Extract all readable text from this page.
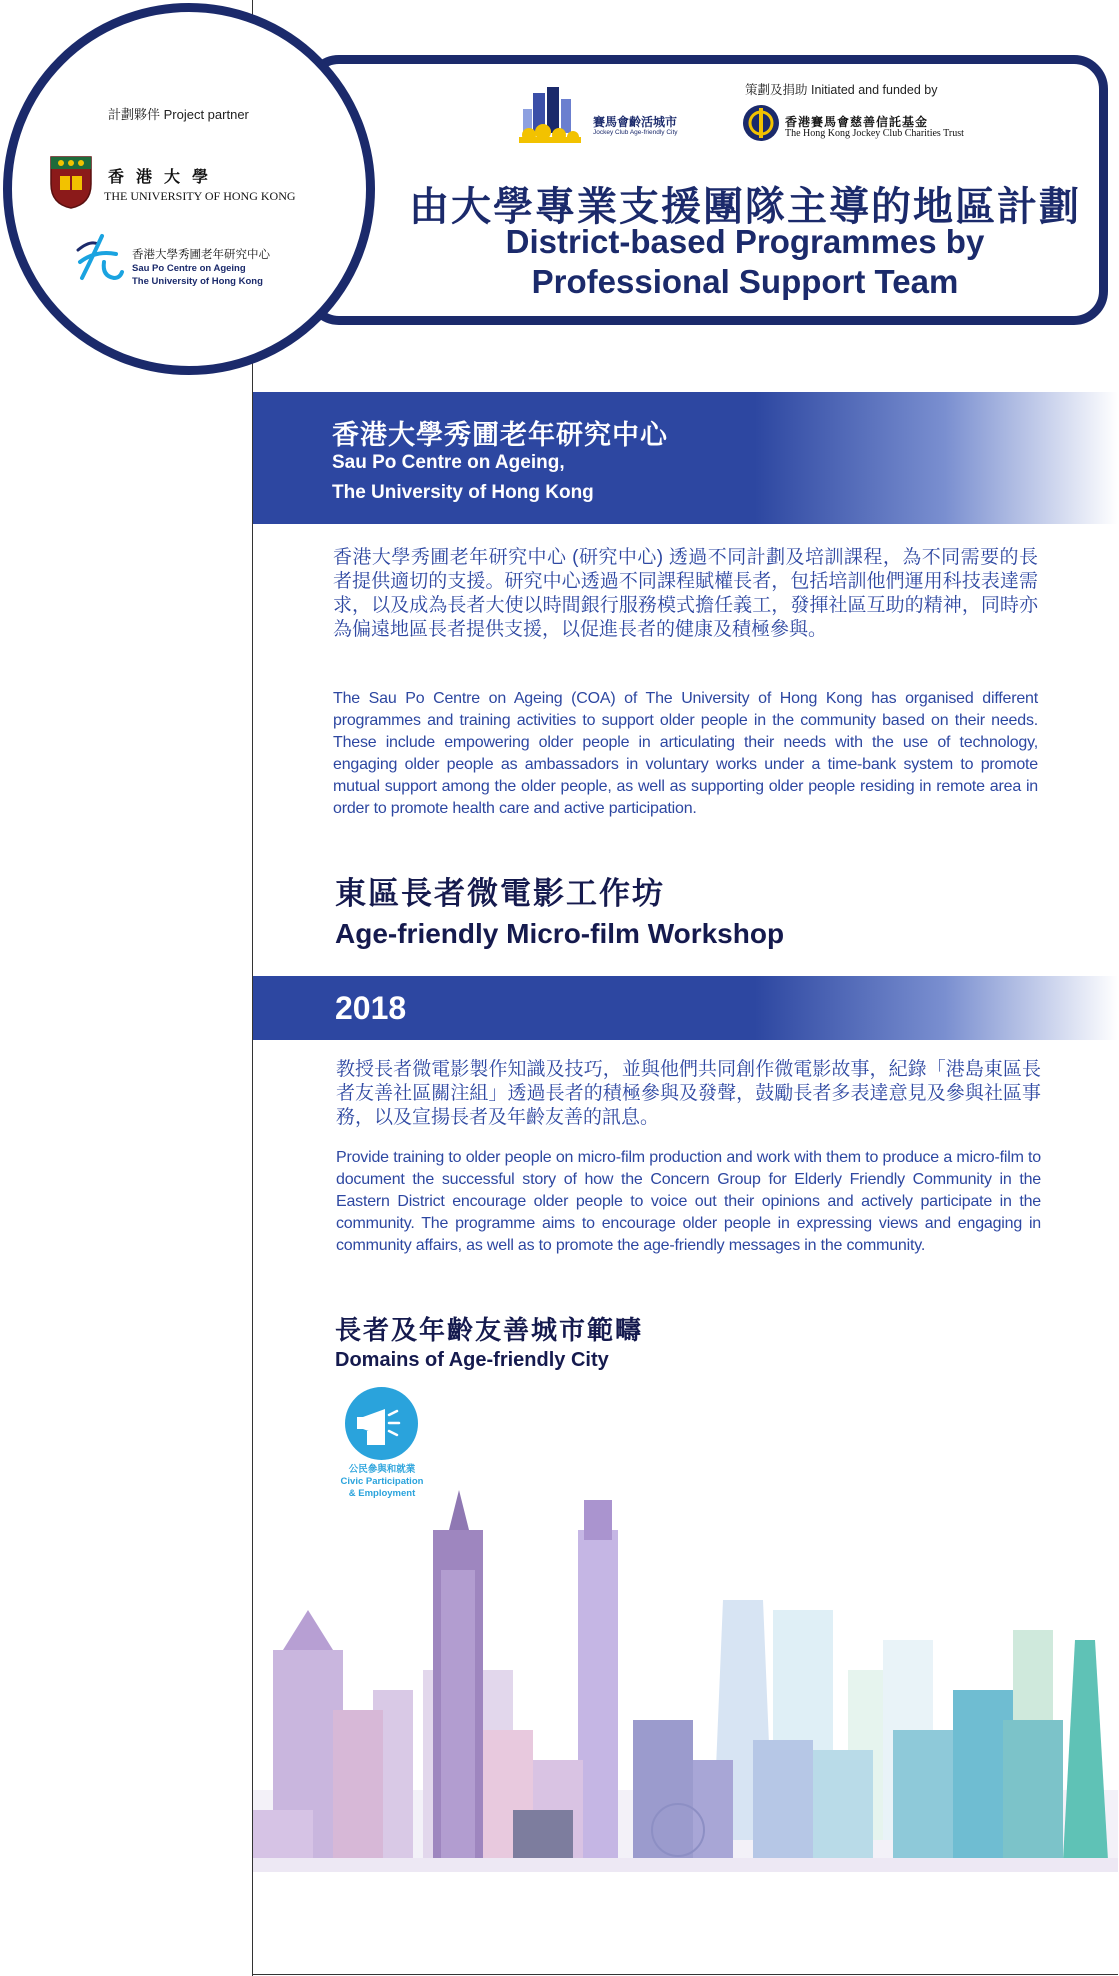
賽馬會齡活城市
Jockey Club Age-friendly City
策劃及捐助 Initiated and funded by
香港賽馬會慈善信託基金
The Hong Kong Jockey Club Charities Trust
由大學專業支援團隊主導的地區計劃
District-based Programmes by
Professional Support Team
計劃夥伴 Project partner
香港大學
THE UNIVERSITY OF HONG KONG
香港大學秀圃老年研究中心
Sau Po Centre on Ageing
The University of Hong Kong
香港大學秀圃老年研究中心
Sau Po Centre on Ageing,
The University of Hong Kong
香港大學秀圃老年研究中心 (研究中心) 透過不同計劃及培訓課程，為不同需要的長者提供適切的支援。研究中心透過不同課程賦權長者，包括培訓他們運用科技表達需求，以及成為長者大使以時間銀行服務模式擔任義工，發揮社區互助的精神，同時亦為偏遠地區長者提供支援，以促進長者的健康及積極參與。
The Sau Po Centre on Ageing (COA) of The University of Hong Kong has organised different programmes and training activities to support older people in the community based on their needs. These include empowering older people in articulating their needs with the use of technology, engaging older people as ambassadors in voluntary works under a time-bank system to promote mutual support among the older people, as well as supporting older people residing in remote area in order to promote health care and active participation.
東區長者微電影工作坊
Age-friendly Micro-film Workshop
2018
教授長者微電影製作知識及技巧，並與他們共同創作微電影故事，紀錄「港島東區長者友善社區關注組」透過長者的積極參與及發聲，鼓勵長者多表達意見及參與社區事務，以及宣揚長者及年齡友善的訊息。
Provide training to older people on micro-film production and work with them to produce a micro-film to document the successful story of how the Concern Group for Elderly Friendly Community in the Eastern District encourage older people to voice out their opinions and actively participate in the community. The programme aims to encourage older people in expressing views and engaging in community affairs, as well as to promote the age-friendly messages in the community.
長者及年齡友善城市範疇
Domains of Age-friendly City
公民參與和就業
Civic Participation
& Employment
